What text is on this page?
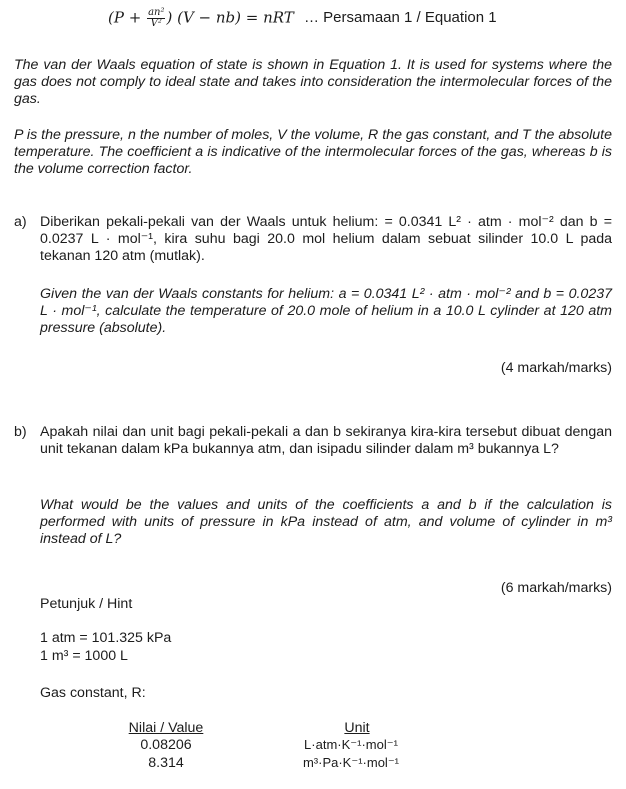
($P + \frac{\text{an²}}{\text{V²}}$ ) (V − nb) = nRT … Persamaan 1 / Equation 1
The van der Waals equation of state is shown in Equation 1. It is used for systems where the gas does not comply to ideal state and takes into consideration the intermolecular forces of the gas.
P is the pressure, n the number of moles, V the volume, R the gas constant, and T the absolute temperature. The coefficient a is indicative of the intermolecular forces of the gas, whereas b is the volume correction factor.
a) Diberikan pekali-pekali van der Waals untuk helium: = 0.0341 L² · atm · mol⁻² dan b = 0.0237 L · mol⁻¹, kira suhu bagi 20.0 mol helium dalam sebuat silinder 10.0 L pada tekanan 120 atm (mutlak).
Given the van der Waals constants for helium: a = 0.0341 L² · atm · mol⁻² and b = 0.0237 L · mol⁻¹, calculate the temperature of 20.0 mole of helium in a 10.0 L cylinder at 120 atm pressure (absolute).
(4 markah/marks)
b) Apakah nilai dan unit bagi pekali-pekali a dan b sekiranya kira-kira tersebut dibuat dengan unit tekanan dalam kPa bukannya atm, dan isipadu silinder dalam m³ bukannya L?
What would be the values and units of the coefficients a and b if the calculation is performed with units of pressure in kPa instead of atm, and volume of cylinder in m³ instead of L?
(6 markah/marks)
Petunjuk / Hint
1 atm = 101.325 kPa
1 m³ = 1000 L
Gas constant, R:
Nilai / Value	Unit
0.08206	L·atm·K⁻¹·mol⁻¹
8.314	m³·Pa·K⁻¹·mol⁻¹
